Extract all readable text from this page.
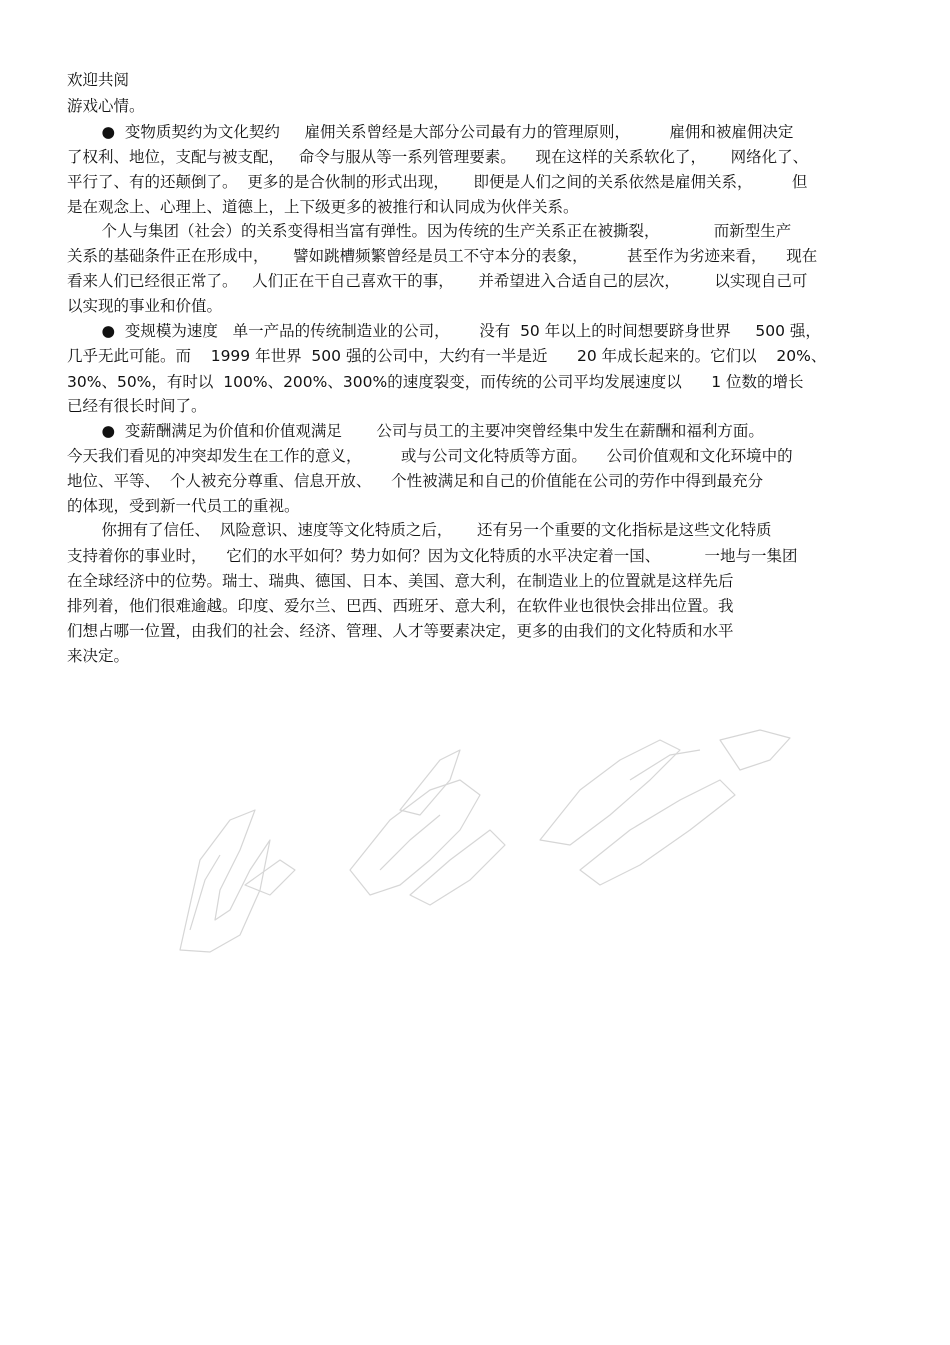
欢迎共阅
游戏心情。
●  变物质契约为文化契约     雇佣关系曾经是大部分公司最有力的管理原则，        雇佣和被雇佣决定
了权利、地位，支配与被支配，   命令与服从等一系列管理要素。    现在这样的关系软化了，     网络化了、
平行了、有的还颠倒了。  更多的是合伙制的形式出现，     即便是人们之间的关系依然是雇佣关系，        但
是在观念上、心理上、道德上，上下级更多的被推行和认同成为伙伴关系。
个人与集团（社会）的关系变得相当富有弹性。因为传统的生产关系正在被撕裂，           而新型生产
关系的基础条件正在形成中，     譬如跳槽频繁曾经是员工不守本分的表象，        甚至作为劣迹来看，    现在
看来人们已经很正常了。   人们正在干自己喜欢干的事，     并希望进入合适自己的层次，       以实现自己可
以实现的事业和价值。
●  变规模为速度   单一产品的传统制造业的公司，      没有  50 年以上的时间想要跻身世界     500 强，
几乎无此可能。而    1999 年世界  500 强的公司中，大约有一半是近      20 年成长起来的。它们以    20%、
30%、50%，有时以  100%、200%、300%的速度裂变，而传统的公司平均发展速度以      1 位数的增长
已经有很长时间了。
●  变薪酬满足为价值和价值观满足       公司与员工的主要冲突曾经集中发生在薪酬和福利方面。
今天我们看见的冲突却发生在工作的意义，        或与公司文化特质等方面。    公司价值观和文化环境中的
地位、平等、  个人被充分尊重、信息开放、    个性被满足和自己的价值能在公司的劳作中得到最充分
的体现，受到新一代员工的重视。
你拥有了信任、  风险意识、速度等文化特质之后，     还有另一个重要的文化指标是这些文化特质
支持着你的事业时，    它们的水平如何？势力如何？因为文化特质的水平决定着一国、         一地与一集团
在全球经济中的位势。瑞士、瑞典、德国、日本、美国、意大利，在制造业上的位置就是这样先后
排列着，他们很难逾越。印度、爱尔兰、巴西、西班牙、意大利，在软件业也很快会排出位置。我
们想占哪一位置，由我们的社会、经济、管理、人才等要素决定，更多的由我们的文化特质和水平
来决定。
